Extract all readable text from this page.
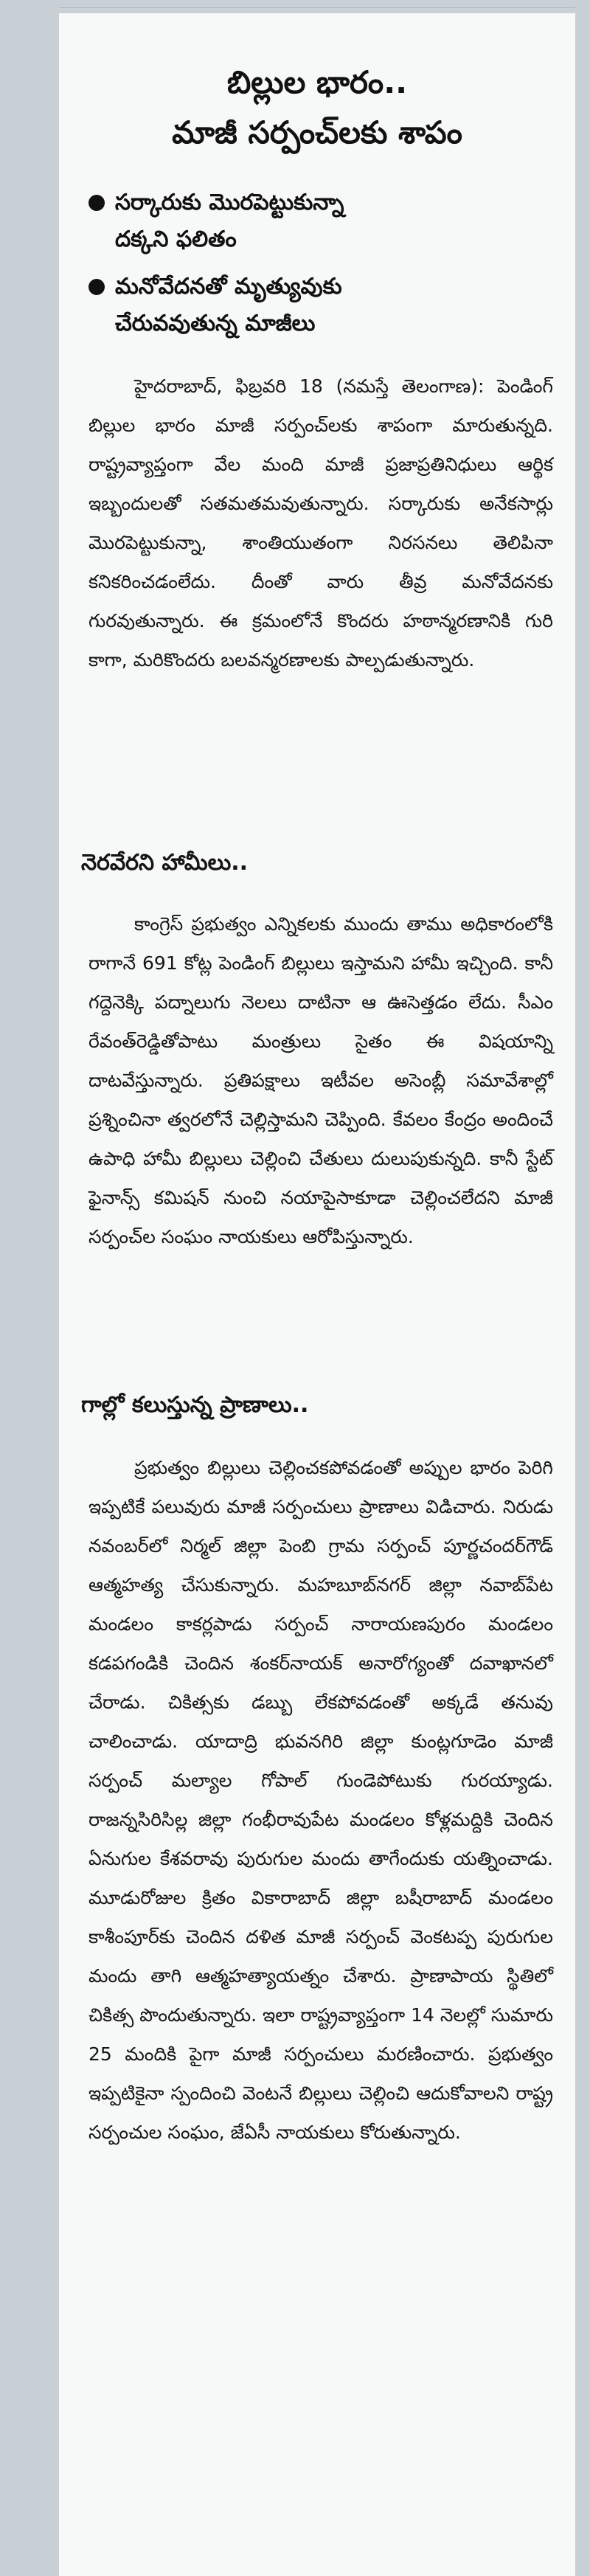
బిల్లుల భారం..
మాజీ సర్పంచ్‌లకు శాపం
సర్కారుకు మొరపెట్టుకున్నా
దక్కని ఫలితం
మనోవేదనతో మృత్యువుకు
చేరువవుతున్న మాజీలు

హైదరాబాద్, ఫిబ్రవరి 18 (నమస్తే తెలంగాణ): పెండింగ్ బిల్లుల భారం మాజీ సర్పంచ్‌లకు శాపంగా మారుతున్నది. రాష్ట్రవ్యాప్తంగా వేల మంది మాజీ ప్రజాప్రతినిధులు ఆర్థిక ఇబ్బందులతో సతమతమవుతున్నారు. సర్కారుకు అనేకసార్లు మొరపెట్టుకున్నా, శాంతియుతంగా నిరసనలు తెలిపినా కనికరించడంలేదు. దీంతో వారు తీవ్ర మనోవేదనకు గురవుతున్నారు. ఈ క్రమంలోనే కొందరు హఠాన్మరణానికి గురి కాగా, మరికొందరు బలవన్మరణాలకు పాల్పడుతున్నారు.

నెరవేరని హామీలు..

కాంగ్రెస్ ప్రభుత్వం ఎన్నికలకు ముందు తాము అధికారంలోకి రాగానే 691 కోట్ల పెండింగ్ బిల్లులు ఇస్తామని హామీ ఇచ్చింది. కానీ గద్దెనెక్కి పద్నాలుగు నెలలు దాటినా ఆ ఊసెత్తడం లేదు. సీఎం రేవంత్‌రెడ్డితోపాటు మంత్రులు సైతం ఈ విషయాన్ని దాటవేస్తున్నారు. ప్రతిపక్షాలు ఇటీవల అసెంబ్లీ సమావేశాల్లో ప్రశ్నించినా త్వరలోనే చెల్లిస్తామని చెప్పింది. కేవలం కేంద్రం అందించే ఉపాధి హామీ బిల్లులు చెల్లించి చేతులు దులుపుకున్నది. కానీ స్టేట్ ఫైనాన్స్ కమిషన్ నుంచి నయాపైసాకూడా చెల్లించలేదని మాజీ సర్పంచ్‌ల సంఘం నాయకులు ఆరోపిస్తున్నారు.

గాల్లో కలుస్తున్న ప్రాణాలు..

ప్రభుత్వం బిల్లులు చెల్లించకపోవడంతో అప్పుల భారం పెరిగి ఇప్పటికే పలువురు మాజీ సర్పంచులు ప్రాణాలు విడిచారు. నిరుడు నవంబర్‌లో నిర్మల్ జిల్లా పెంబి గ్రామ సర్పంచ్ పూర్ణచందర్‌గౌడ్ ఆత్మహత్య చేసుకున్నారు. మహబూబ్‌నగర్ జిల్లా నవాబ్‌పేట మండలం కాకర్లపాడు సర్పంచ్ నారాయణపురం మండలం కడపగండికి చెందిన శంకర్‌నాయక్ అనారోగ్యంతో దవాఖానలో చేరాడు. చికిత్సకు డబ్బు లేకపోవడంతో అక్కడే తనువు చాలించాడు. యాదాద్రి భువనగిరి జిల్లా కుంట్లగూడెం మాజీ సర్పంచ్ మల్యాల గోపాల్ గుండెపోటుకు గురయ్యాడు. రాజన్నసిరిసిల్ల జిల్లా గంభీరావుపేట మండలం కోళ్లమద్దికి చెందిన ఏనుగుల కేశవరావు పురుగుల మందు తాగేందుకు యత్నించాడు. మూడురోజుల క్రితం వికారాబాద్ జిల్లా బషీరాబాద్ మండలం కాశీంపూర్‌కు చెందిన దళిత మాజీ సర్పంచ్ వెంకటప్ప పురుగుల మందు తాగి ఆత్మహత్యాయత్నం చేశారు. ప్రాణాపాయ స్థితిలో చికిత్స పొందుతున్నారు. ఇలా రాష్ట్రవ్యాప్తంగా 14 నెలల్లో సుమారు 25 మందికి పైగా మాజీ సర్పంచులు మరణించారు. ప్రభుత్వం ఇప్పటికైనా స్పందించి వెంటనే బిల్లులు చెల్లించి ఆదుకోవాలని రాష్ట్ర సర్పంచుల సంఘం, జేఏసీ నాయకులు కోరుతున్నారు.
